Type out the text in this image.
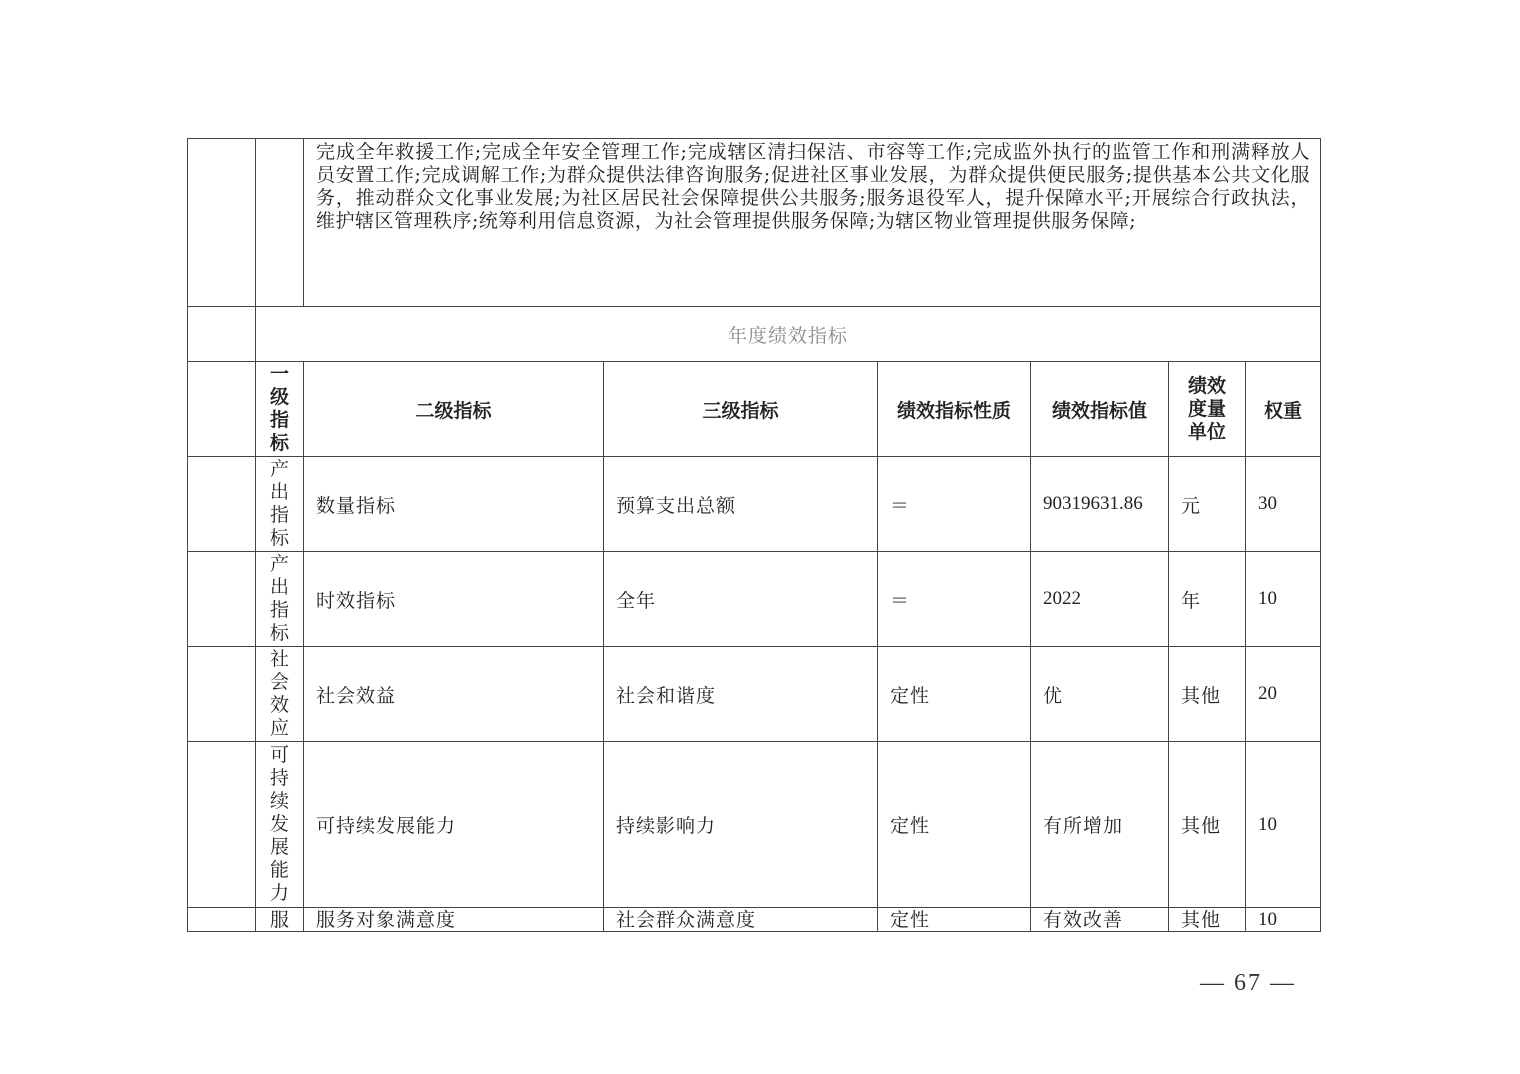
		完成全年救援工作;完成全年安全管理工作;完成辖区清扫保洁、市容等工作;完成监外执行的监管工作和刑满释放人员安置工作;完成调解工作;为群众提供法律咨询服务;促进社区事业发展，为群众提供便民服务;提供基本公共文化服务，推动群众文化事业发展;为社区居民社会保障提供公共服务;服务退役军人，提升保障水平;开展综合行政执法，维护辖区管理秩序;统筹利用信息资源，为社会管理提供服务保障;为辖区物业管理提供服务保障;					
	年度绩效指标						

	一级指标	二级指标	三级指标	绩效指标性质	绩效指标值	绩效度量单位	权重

	产出指标	数量指标	预算支出总额	＝	90319631.86	元	30

	产出指标	时效指标	全年	＝	2022	年	10

	社会效应	社会效益	社会和谐度	定性	优	其他	20

	可持续发展能力	可持续发展能力	持续影响力	定性	有所增加	其他	10
	服	服务对象满意度	社会群众满意度	定性	有效改善	其他	10
— 67 —
